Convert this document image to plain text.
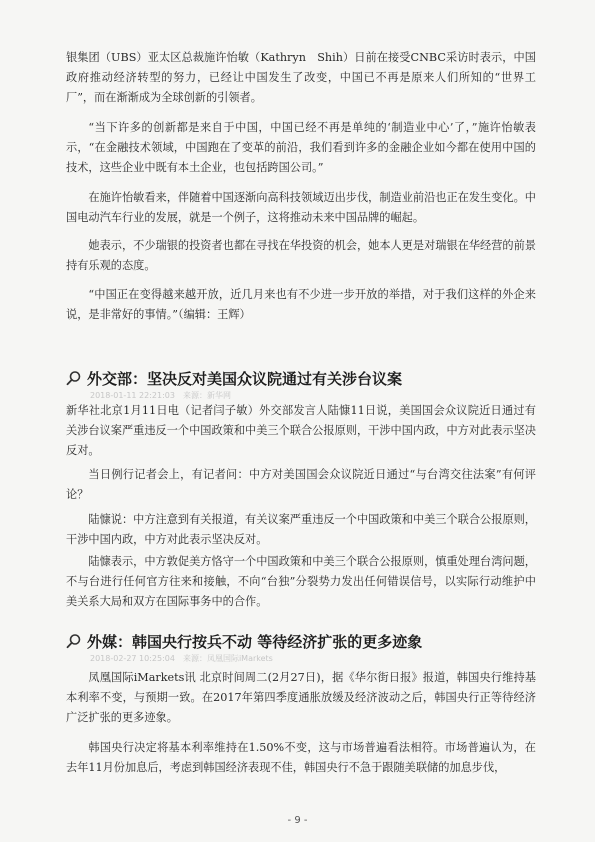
银集团（UBS）亚太区总裁施许怡敏（Kathryn　Shih）日前在接受CNBC采访时表示，中国政府推动经济转型的努力，已经让中国发生了改变，中国已不再是原来人们所知的“世界工厂”，而在渐渐成为全球创新的引领者。

“当下许多的创新都是来自于中国，中国已经不再是单纯的‘制造业中心’了，”施许怡敏表示，“在金融技术领域，中国跑在了变革的前沿，我们看到许多的金融企业如今都在使用中国的技术，这些企业中既有本土企业，也包括跨国公司。”

在施许怡敏看来，伴随着中国逐渐向高科技领域迈出步伐，制造业前沿也正在发生变化。中国电动汽车行业的发展，就是一个例子，这将推动未来中国品牌的崛起。

她表示，不少瑞银的投资者也都在寻找在华投资的机会，她本人更是对瑞银在华经营的前景持有乐观的态度。

“中国正在变得越来越开放，近几月来也有不少进一步开放的举措，对于我们这样的外企来说，是非常好的事情。”（编辑：王辉）

外交部：坚决反对美国众议院通过有关涉台议案
2018-01-11 22:21:03　来源：新华网

新华社北京1月11日电（记者闫子敏）外交部发言人陆慷11日说，美国国会众议院近日通过有关涉台议案严重违反一个中国政策和中美三个联合公报原则，干涉中国内政，中方对此表示坚决反对。

当日例行记者会上，有记者问：中方对美国国会众议院近日通过“与台湾交往法案”有何评论？

陆慷说：中方注意到有关报道，有关议案严重违反一个中国政策和中美三个联合公报原则，干涉中国内政，中方对此表示坚决反对。

陆慷表示，中方敦促美方恪守一个中国政策和中美三个联合公报原则，慎重处理台湾问题，不与台进行任何官方往来和接触，不向“台独”分裂势力发出任何错误信号，以实际行动维护中美关系大局和双方在国际事务中的合作。

外媒：韩国央行按兵不动 等待经济扩张的更多迹象
2018-02-27 10:25:04　来源：凤凰国际iMarkets

凤凰国际iMarkets讯 北京时间周二(2月27日)，据《华尔街日报》报道，韩国央行维持基本利率不变，与预期一致。在2017年第四季度通胀放缓及经济波动之后，韩国央行正等待经济广泛扩张的更多迹象。

韩国央行决定将基本利率维持在1.50%不变，这与市场普遍看法相符。市场普遍认为，在去年11月份加息后，考虑到韩国经济表现不佳，韩国央行不急于跟随美联储的加息步伐，

- 9 -
